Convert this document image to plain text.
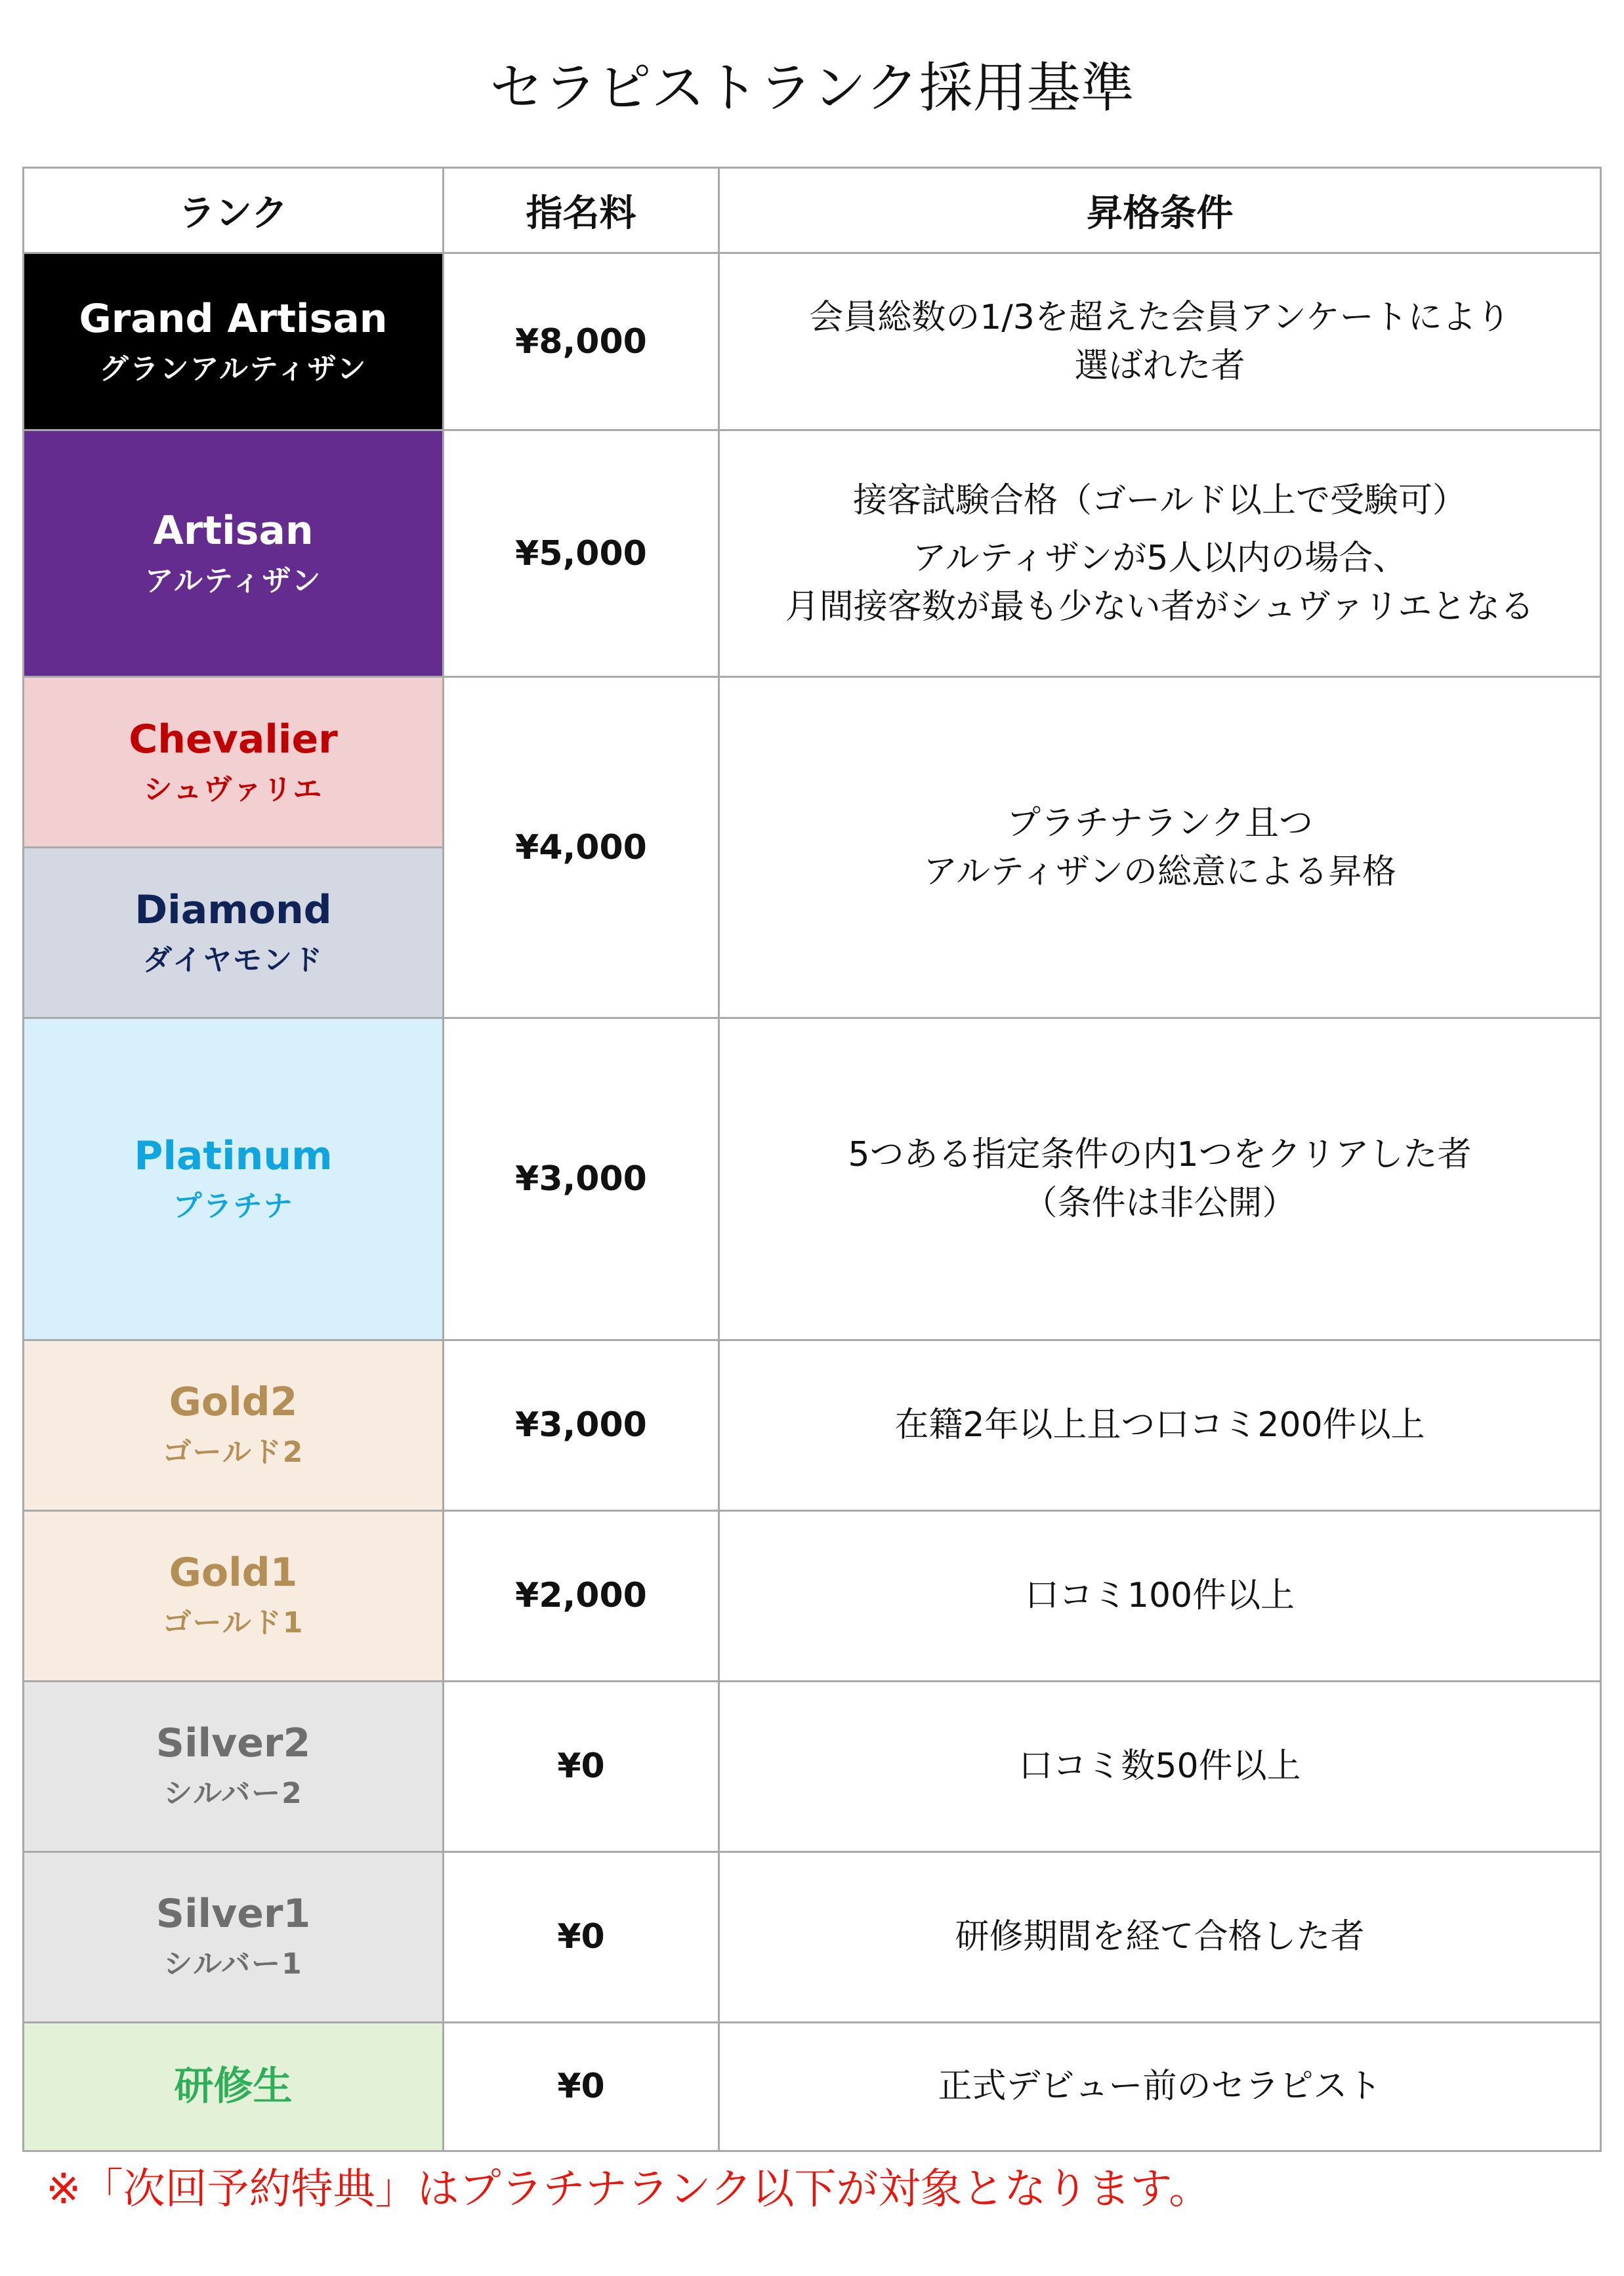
セラピストランク採用基準
ランク	指名料	昇格条件

Grand Artisan
グランアルティザン	¥8,000	会員総数の1/3を超えた会員アンケートにより
選ばれた者

Artisan
アルティザン	¥5,000	接客試験合格（ゴールド以上で受験可）
アルティザンが5人以内の場合、
月間接客数が最も少ない者がシュヴァリエとなる

Chevalier
シュヴァリエ	¥4,000	プラチナランク且つ
アルティザンの総意による昇格

Diamond
ダイヤモンド		

Platinum
プラチナ	¥3,000	5つある指定条件の内1つをクリアした者
（条件は非公開）

Gold2
ゴールド2	¥3,000	在籍2年以上且つ口コミ200件以上

Gold1
ゴールド1	¥2,000	口コミ100件以上

Silver2
シルバー2	¥0	口コミ数50件以上

Silver1
シルバー1	¥0	研修期間を経て合格した者

研修生	¥0	正式デビュー前のセラピスト
※「次回予約特典」はプラチナランク以下が対象となります。
